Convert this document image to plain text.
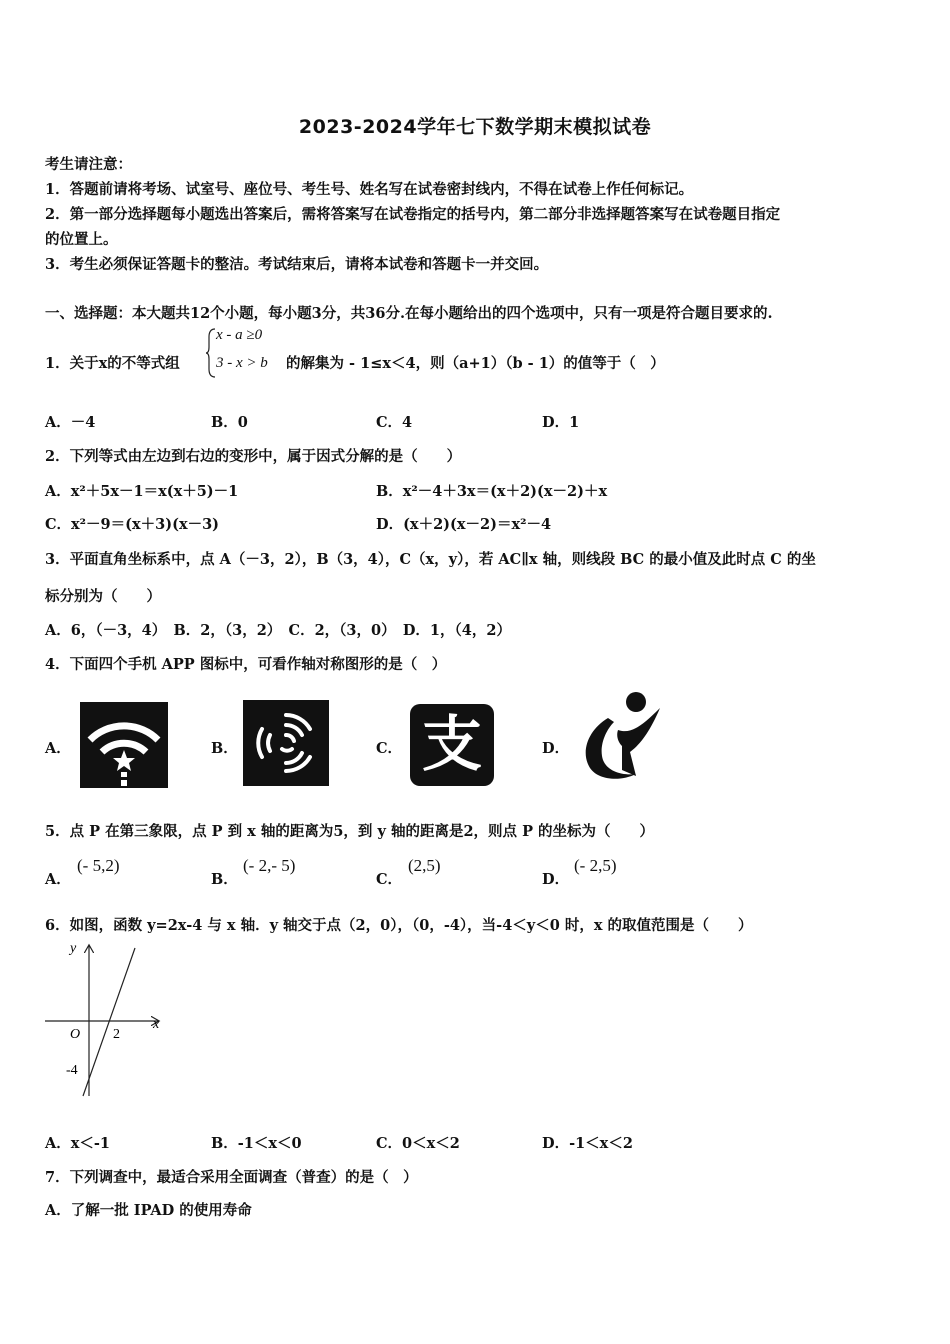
2023-2024学年七下数学期末模拟试卷
考生请注意：
1．答题前请将考场、试室号、座位号、考生号、姓名写在试卷密封线内，不得在试卷上作任何标记。
2．第一部分选择题每小题选出答案后，需将答案写在试卷指定的括号内，第二部分非选择题答案写在试卷题目指定
的位置上。
3．考生必须保证答题卡的整洁。考试结束后，请将本试卷和答题卡一并交回。
一、选择题：本大题共12个小题，每小题3分，共36分.在每小题给出的四个选项中，只有一项是符合题目要求的.
1．关于x的不等式组
x - a ≥0
3 - x > b 的解集为 - 1≤x＜4，则（a+1）（b - 1）的值等于（　）
A．－4	B．0	C．4	D．1
2．下列等式由左边到右边的变形中，属于因式分解的是（　　）
A．x²＋5x－1＝x(x＋5)－1	B．x²－4＋3x＝(x＋2)(x－2)＋x
C．x²－9＝(x＋3)(x－3)	D．(x＋2)(x－2)＝x²－4
3．平面直角坐标系中，点 A（－3，2），B（3，4），C（x，y），若 AC∥x 轴，则线段 BC 的最小值及此时点 C 的坐
标分别为（　　）
A．6，（－3，4）　B．2，（3，2）　C．2，（3，0）　D．1，（4，2）
4．下面四个手机 APP 图标中，可看作轴对称图形的是（　）
A．	B．	C． 支	D．
5．点 P 在第三象限，点 P 到 x 轴的距离为5，到 y 轴的距离是2，则点 P 的坐标为（　　）
A．
(- 5,2)
B．
(- 2,- 5)
C．
(2,5)
D．
(- 2,5)
6．如图，函数 y=2x-4 与 x 轴．y 轴交于点（2，0），（0，-4），当-4＜y＜0 时，x 的取值范围是（　　）
y
x
O 2
-4
A．x＜-1	B．-1＜x＜0	C．0＜x＜2	D．-1＜x＜2
7．下列调查中，最适合采用全面调查（普查）的是（　）
A．了解一批 IPAD 的使用寿命
